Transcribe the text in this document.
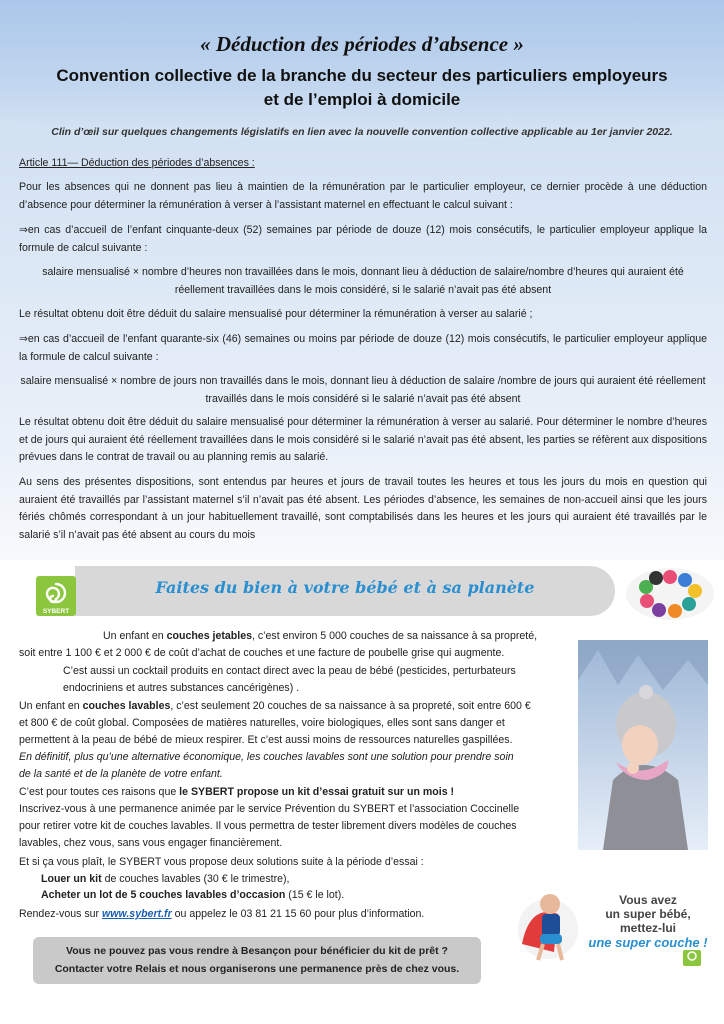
« Déduction des périodes d’absence »
Convention collective de la branche du secteur des particuliers employeurs
et de l’emploi à domicile
Clin d’œil sur quelques changements législatifs en lien avec la nouvelle convention collective applicable au 1er janvier 2022.
Article 111— Déduction des périodes d’absences :
Pour les absences qui ne donnent pas lieu à maintien de la rémunération par le particulier employeur, ce dernier procède à une déduction d’absence pour déterminer la rémunération à verser à l’assistant maternel en effectuant le calcul suivant :
⇒en cas d’accueil de l’enfant cinquante-deux (52) semaines par période de douze (12) mois consécutifs, le particulier employeur applique la formule de calcul suivante :
salaire mensualisé × nombre d’heures non travaillées dans le mois, donnant lieu à déduction de salaire/nombre d’heures qui auraient été réellement travaillées dans le mois considéré, si le salarié n’avait pas été absent
Le résultat obtenu doit être déduit du salaire mensualisé pour déterminer la rémunération à verser au salarié ;
⇒en cas d’accueil de l’enfant quarante-six (46) semaines ou moins par période de douze (12) mois consécutifs, le particulier employeur applique la formule de calcul suivante :
salaire mensualisé × nombre de jours non travaillés dans le mois, donnant lieu à déduction de salaire /nombre de jours qui auraient été réellement travaillés dans le mois considéré si le salarié n’avait pas été absent
Le résultat obtenu doit être déduit du salaire mensualisé pour déterminer la rémunération à verser au salarié. Pour déterminer le nombre d’heures et de jours qui auraient été réellement travaillées dans le mois considéré si le salarié n’avait pas été absent, les parties se réfèrent aux dispositions prévues dans le contrat de travail ou au planning remis au salarié.
Au sens des présentes dispositions, sont entendus par heures et jours de travail toutes les heures et tous les jours du mois en question qui auraient été travaillés par l’assistant maternel s’il n’avait pas été absent. Les périodes d’absence, les semaines de non-accueil ainsi que les jours fériés chômés correspondant à un jour habituellement travaillé, sont comptabilisés dans les heures et les jours qui auraient été travaillés par le salarié s’il n’avait pas été absent au cours du mois
Faites du bien à votre bébé et à sa planète
SYBERT
Un enfant en couches jetables, c’est environ 5 000 couches de sa naissance à sa propreté,
soit entre 1 100 € et 2 000 € de coût d’achat de couches et une facture de poubelle grise qui augmente.
C’est aussi un cocktail produits en contact direct avec la peau de bébé (pesticides, perturbateurs
endocriniens et autres substances cancérigènes) .
Un enfant en couches lavables, c’est seulement 20 couches de sa naissance à sa propreté, soit entre 600 €
et 800 € de coût global. Composées de matières naturelles, voire biologiques, elles sont sans danger et
permettent à la peau de bébé de mieux respirer. Et c’est aussi moins de ressources naturelles gaspillées.
En définitif, plus qu’une alternative économique, les couches lavables sont une solution pour prendre soin
de la santé et de la planète de votre enfant.
C’est pour toutes ces raisons que le SYBERT propose un kit d’essai gratuit sur un mois !
Inscrivez-vous à une permanence animée par le service Prévention du SYBERT et l’association Coccinelle
pour retirer votre kit de couches lavables. Il vous permettra de tester librement divers modèles de couches
lavables, chez vous, sans vous engager financièrement.
Et si ça vous plaît, le SYBERT vous propose deux solutions suite à la période d’essai :
Louer un kit de couches lavables (30 € le trimestre),
Acheter un lot de 5 couches lavables d’occasion (15 € le lot).
Rendez-vous sur www.sybert.fr ou appelez le 03 81 21 15 60 pour plus d’information.
Vous ne pouvez pas vous rendre à Besançon pour bénéficier du kit de prêt ?
Contacter votre Relais et nous organiserons une permanence près de chez vous.
Vous avez
un super bébé,
mettez-lui
une super couche !
